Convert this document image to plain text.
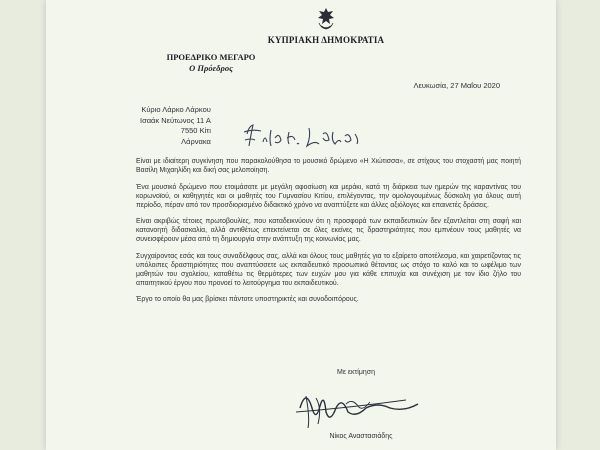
ΚΥΠΡΙΑΚΗ ΔΗΜΟΚΡΑΤΙΑ
ΠΡΟΕΔΡΙΚΟ ΜΕΓΑΡΟ
Ο Πρόεδρος
Λευκωσία, 27 Μαΐου 2020
Κύριο Λάρκο Λάρκου
Ισαάκ Νεύτωνος 11 Α
7550 Κίτι
Λάρνακα
Φίλε κ. Λάρκου,

Είναι με ιδιαίτερη συγκίνηση που παρακολούθησα το μουσικό δρώμενο «Η Χιώτισσα», σε στίχους του στοχαστή μας ποιητή Βασίλη Μιχαηλίδη και δική σας μελοποίηση.

Ένα μουσικό δρώμενο που ετοιμάσατε με μεγάλη αφοσίωση και μεράκι, κατά τη διάρκεια των ημερών της καραντίνας του κορωνοϊού, οι καθηγητές και οι μαθητές του Γυμνασίου Κιτίου, επιλέγοντας, την ομολογουμένως δύσκολη για όλους αυτή περίοδο, πέραν από τον προσδιορισμένο διδακτικό χρόνο να αναπτύξετε και άλλες αξιόλογες και επαινετές δράσεις.

Είναι ακριβώς τέτοιες πρωτοβουλίες, που καταδεικνύουν ότι η προσφορά των εκπαιδευτικών δεν εξαντλείται στη σαφή και κατανοητή διδασκαλία, αλλά αντιθέτως επεκτείνεται σε όλες εκείνες τις δραστηριότητες που εμπνέουν τους μαθητές να συνεισφέρουν μέσα από τη δημιουργία στην ανάπτυξη της κοινωνίας μας.

Συγχαίροντας εσάς και τους συναδέλφους σας, αλλά και όλους τους μαθητές για το εξαίρετο αποτέλεσμα, και χαιρετίζοντας τις υπόλοιπες δραστηριότητες που αναπτύσσετε ως εκπαιδευτικό προσωπικό θέτοντας ως στόχο το καλό και το ωφέλιμο των μαθητών του σχολείου, καταθέτω τις θερμότερες των ευχών μου για κάθε επιτυχία και συνέχιση με τον ίδιο ζήλο του απαιτητικού έργου που προνοεί το λειτούργημα του εκπαιδευτικού.

Έργο το οποίο θα μας βρίσκει πάντοτε υποστηρικτές και συνοδοιπόρους.

Με εκτίμηση
Νίκος Αναστασιάδης
